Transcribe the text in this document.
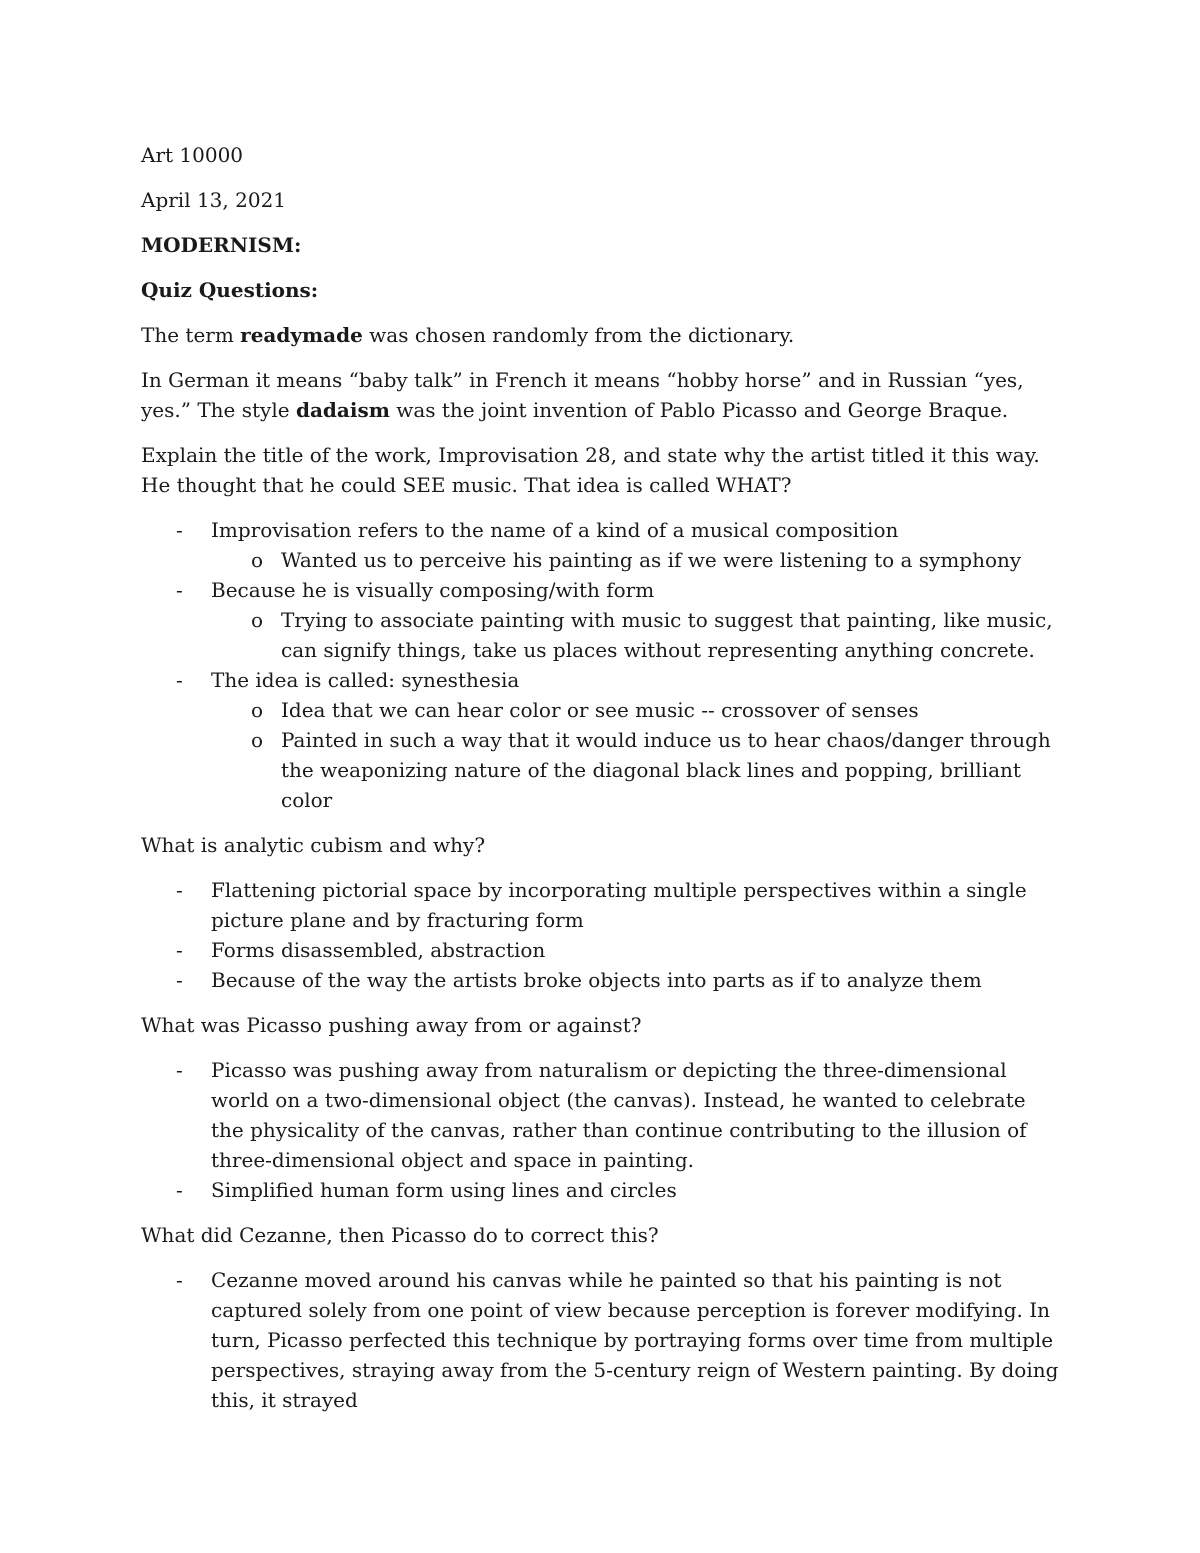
Art 10000

April 13, 2021

MODERNISM:

Quiz Questions:

The term readymade was chosen randomly from the dictionary.

In German it means “baby talk” in French it means “hobby horse” and in Russian “yes, yes.” The style dadaism was the joint invention of Pablo Picasso and George Braque.

Explain the title of the work, Improvisation 28, and state why the artist titled it this way. He thought that he could SEE music. That idea is called WHAT?

- Improvisation refers to the name of a kind of a musical composition
o Wanted us to perceive his painting as if we were listening to a symphony
- Because he is visually composing/with form
o Trying to associate painting with music to suggest that painting, like music, can signify things, take us places without representing anything concrete.
- The idea is called: synesthesia
o Idea that we can hear color or see music -- crossover of senses
o Painted in such a way that it would induce us to hear chaos/danger through the weaponizing nature of the diagonal black lines and popping, brilliant color

What is analytic cubism and why?

- Flattening pictorial space by incorporating multiple perspectives within a single picture plane and by fracturing form
- Forms disassembled, abstraction
- Because of the way the artists broke objects into parts as if to analyze them

What was Picasso pushing away from or against?

- Picasso was pushing away from naturalism or depicting the three-dimensional world on a two-dimensional object (the canvas). Instead, he wanted to celebrate the physicality of the canvas, rather than continue contributing to the illusion of three-dimensional object and space in painting.
- Simplified human form using lines and circles

What did Cezanne, then Picasso do to correct this?

- Cezanne moved around his canvas while he painted so that his painting is not captured solely from one point of view because perception is forever modifying. In turn, Picasso perfected this technique by portraying forms over time from multiple perspectives, straying away from the 5-century reign of Western painting. By doing this, it strayed
